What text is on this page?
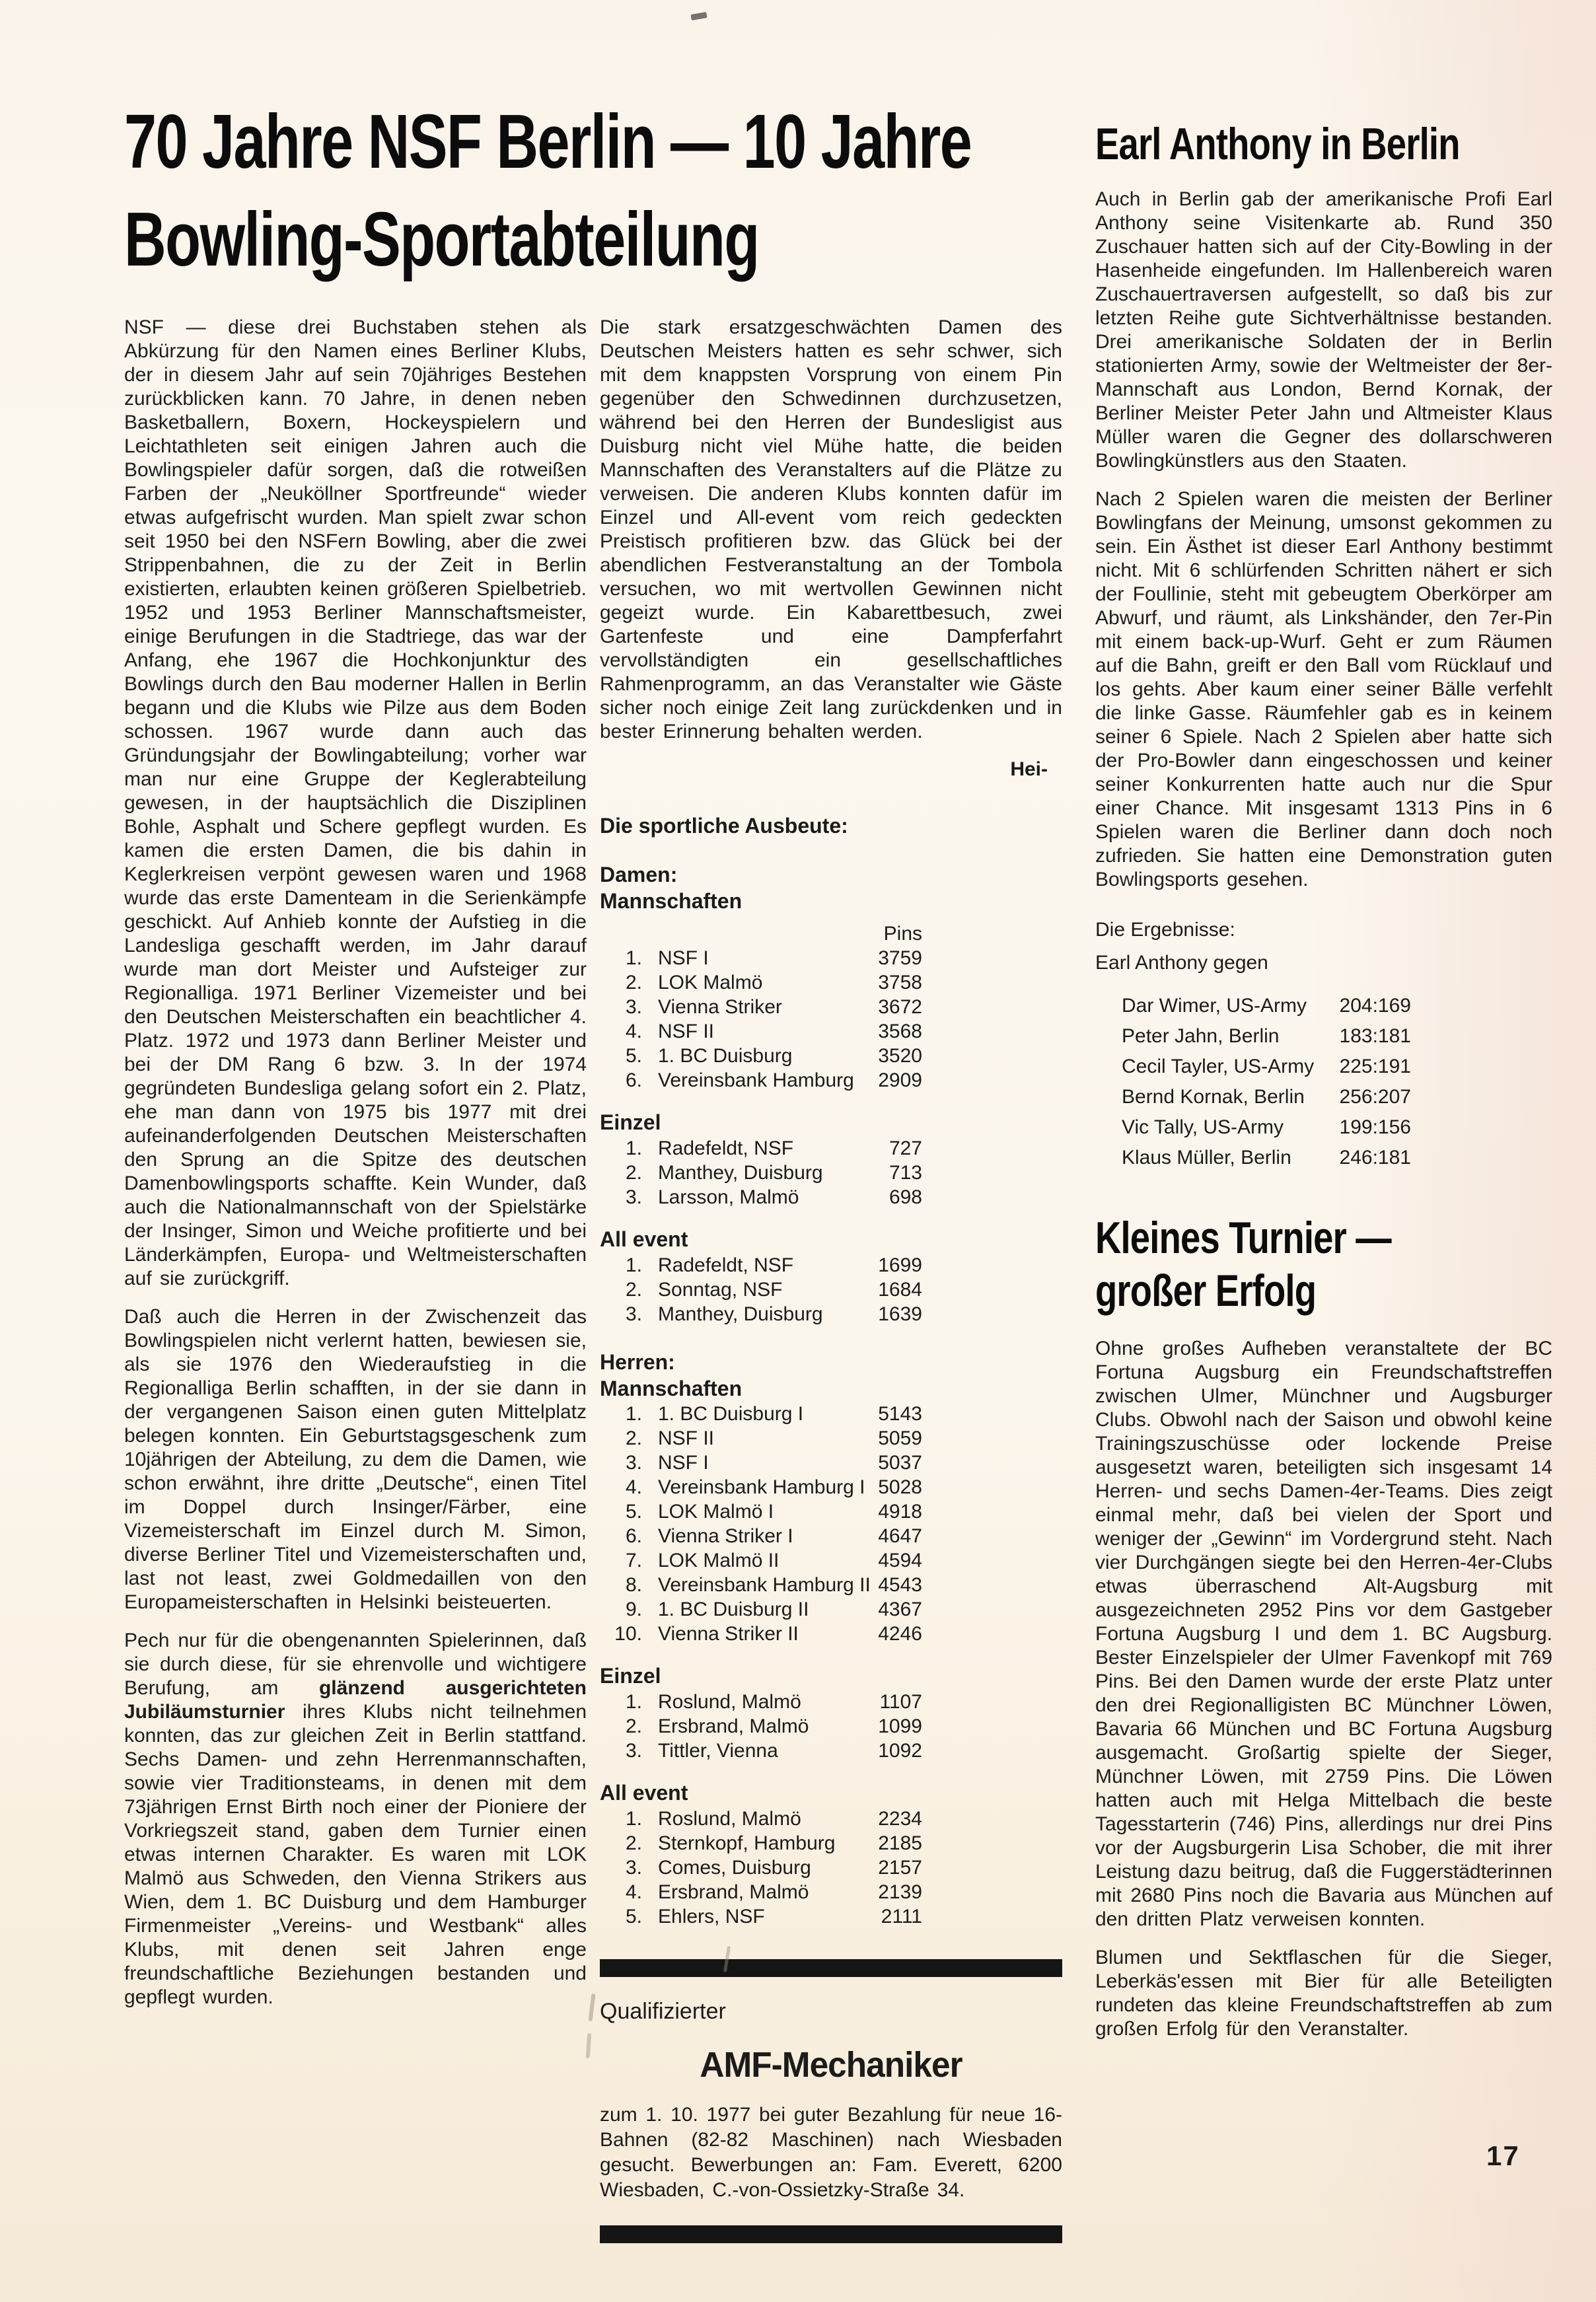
70 Jahre NSF Berlin — 10 Jahre
Bowling-Sportabteilung

NSF — diese drei Buchstaben stehen als Abkürzung für den Namen eines Berliner Klubs, der in diesem Jahr auf sein 70jähriges Bestehen zurückblicken kann. 70 Jahre, in denen neben Basketballern, Boxern, Hockeyspielern und Leichtathleten seit einigen Jahren auch die Bowlingspieler dafür sorgen, daß die rotweißen Farben der „Neuköllner Sportfreunde“ wieder etwas aufgefrischt wurden. Man spielt zwar schon seit 1950 bei den NSFern Bowling, aber die zwei Strippenbahnen, die zu der Zeit in Berlin existierten, erlaubten keinen größeren Spielbetrieb. 1952 und 1953 Berliner Mannschaftsmeister, einige Berufungen in die Stadtriege, das war der Anfang, ehe 1967 die Hochkonjunktur des Bowlings durch den Bau moderner Hallen in Berlin begann und die Klubs wie Pilze aus dem Boden schossen. 1967 wurde dann auch das Gründungsjahr der Bowlingabteilung; vorher war man nur eine Gruppe der Keglerabteilung gewesen, in der hauptsächlich die Disziplinen Bohle, Asphalt und Schere gepflegt wurden. Es kamen die ersten Damen, die bis dahin in Keglerkreisen verpönt gewesen waren und 1968 wurde das erste Damenteam in die Serienkämpfe geschickt. Auf Anhieb konnte der Aufstieg in die Landesliga geschafft werden, im Jahr darauf wurde man dort Meister und Aufsteiger zur Regionalliga. 1971 Berliner Vizemeister und bei den Deutschen Meisterschaften ein beachtlicher 4. Platz. 1972 und 1973 dann Berliner Meister und bei der DM Rang 6 bzw. 3. In der 1974 gegründeten Bundesliga gelang sofort ein 2. Platz, ehe man dann von 1975 bis 1977 mit drei aufeinanderfolgenden Deutschen Meisterschaften den Sprung an die Spitze des deutschen Damenbowlingsports schaffte. Kein Wunder, daß auch die Nationalmannschaft von der Spielstärke der Insinger, Simon und Weiche profitierte und bei Länderkämpfen, Europa- und Weltmeisterschaften auf sie zurückgriff.

Daß auch die Herren in der Zwischenzeit das Bowlingspielen nicht verlernt hatten, bewiesen sie, als sie 1976 den Wiederaufstieg in die Regionalliga Berlin schafften, in der sie dann in der vergangenen Saison einen guten Mittelplatz belegen konnten. Ein Geburtstagsgeschenk zum 10jährigen der Abteilung, zu dem die Damen, wie schon erwähnt, ihre dritte „Deutsche“, einen Titel im Doppel durch Insinger/Färber, eine Vizemeisterschaft im Einzel durch M. Simon, diverse Berliner Titel und Vizemeisterschaften und, last not least, zwei Goldmedaillen von den Europameisterschaften in Helsinki beisteuerten.

Pech nur für die obengenannten Spielerinnen, daß sie durch diese, für sie ehrenvolle und wichtigere Berufung, am glänzend ausgerichteten Jubiläumsturnier ihres Klubs nicht teilnehmen konnten, das zur gleichen Zeit in Berlin stattfand. Sechs Damen- und zehn Herrenmannschaften, sowie vier Traditionsteams, in denen mit dem 73jährigen Ernst Birth noch einer der Pioniere der Vorkriegszeit stand, gaben dem Turnier einen etwas internen Charakter. Es waren mit LOK Malmö aus Schweden, den Vienna Strikers aus Wien, dem 1. BC Duisburg und dem Hamburger Firmenmeister „Vereins- und Westbank“ alles Klubs, mit denen seit Jahren enge freundschaftliche Beziehungen bestanden und gepflegt wurden.

Die stark ersatzgeschwächten Damen des Deutschen Meisters hatten es sehr schwer, sich mit dem knappsten Vorsprung von einem Pin gegenüber den Schwedinnen durchzusetzen, während bei den Herren der Bundesligist aus Duisburg nicht viel Mühe hatte, die beiden Mannschaften des Veranstalters auf die Plätze zu verweisen. Die anderen Klubs konnten dafür im Einzel und All-event vom reich gedeckten Preistisch profitieren bzw. das Glück bei der abendlichen Festveranstaltung an der Tombola versuchen, wo mit wertvollen Gewinnen nicht gegeizt wurde. Ein Kabarettbesuch, zwei Gartenfeste und eine Dampferfahrt vervollständigten ein gesellschaftliches Rahmenprogramm, an das Veranstalter wie Gäste sicher noch einige Zeit lang zurückdenken und in bester Erinnerung behalten werden.

Hei-

Die sportliche Ausbeute:
Damen:
Mannschaften
Pins
1. NSF I	3759
2. LOK Malmö	3758
3. Vienna Striker	3672
4. NSF II	3568
5. 1. BC Duisburg	3520
6. Vereinsbank Hamburg 2909
Einzel
1. Radefeldt, NSF	727
2. Manthey, Duisburg	713
3. Larsson, Malmö	698
All event
1. Radefeldt, NSF	1699
2. Sonntag, NSF	1684
3. Manthey, Duisburg	1639
Herren:
Mannschaften
1. 1. BC Duisburg I	5143
2. NSF II	5059
3. NSF I	5037
4. Vereinsbank Hamburg I 5028
5. LOK Malmö I	4918
6. Vienna Striker I	4647
7. LOK Malmö II	4594
8. Vereinsbank Hamburg II 4543
9. 1. BC Duisburg II	4367
10. Vienna Striker II	4246
Einzel
1. Roslund, Malmö	1107
2. Ersbrand, Malmö	1099
3. Tittler, Vienna	1092
All event
1. Roslund, Malmö	2234
2. Sternkopf, Hamburg 2185
3. Comes, Duisburg	2157
4. Ersbrand, Malmö	2139
5. Ehlers, NSF	2111
Qualifizierter
AMF-Mechaniker

zum 1. 10. 1977 bei guter Bezahlung für neue 16-Bahnen (82-82 Maschinen) nach Wiesbaden gesucht. Bewerbungen an: Fam. Everett, 6200 Wiesbaden, C.-von-Ossietzky-Straße 34.

Earl Anthony in Berlin

Auch in Berlin gab der amerikanische Profi Earl Anthony seine Visitenkarte ab. Rund 350 Zuschauer hatten sich auf der City-Bowling in der Hasenheide eingefunden. Im Hallenbereich waren Zuschauertraversen aufgestellt, so daß bis zur letzten Reihe gute Sichtverhältnisse bestanden. Drei amerikanische Soldaten der in Berlin stationierten Army, sowie der Weltmeister der 8er-Mannschaft aus London, Bernd Kornak, der Berliner Meister Peter Jahn und Altmeister Klaus Müller waren die Gegner des dollarschweren Bowlingkünstlers aus den Staaten.

Nach 2 Spielen waren die meisten der Berliner Bowlingfans der Meinung, umsonst gekommen zu sein. Ein Ästhet ist dieser Earl Anthony bestimmt nicht. Mit 6 schlürfenden Schritten nähert er sich der Foullinie, steht mit gebeugtem Oberkörper am Abwurf, und räumt, als Linkshänder, den 7er-Pin mit einem back-up-Wurf. Geht er zum Räumen auf die Bahn, greift er den Ball vom Rücklauf und los gehts. Aber kaum einer seiner Bälle verfehlt die linke Gasse. Räumfehler gab es in keinem seiner 6 Spiele. Nach 2 Spielen aber hatte sich der Pro-Bowler dann eingeschossen und keiner seiner Konkurrenten hatte auch nur die Spur einer Chance. Mit insgesamt 1313 Pins in 6 Spielen waren die Berliner dann doch noch zufrieden. Sie hatten eine Demonstration guten Bowlingsports gesehen.

Die Ergebnisse:

Earl Anthony gegen

Dar Wimer, US-Army 204:169
Peter Jahn, Berlin	183:181
Cecil Tayler, US-Army 225:191
Bernd Kornak, Berlin 256:207
Vic Tally, US-Army	199:156
Klaus Müller, Berlin 246:181
Kleines Turnier —
großer Erfolg

Ohne großes Aufheben veranstaltete der BC Fortuna Augsburg ein Freundschaftstreffen zwischen Ulmer, Münchner und Augsburger Clubs. Obwohl nach der Saison und obwohl keine Trainingszuschüsse oder lockende Preise ausgesetzt waren, beteiligten sich insgesamt 14 Herren- und sechs Damen-4er-Teams. Dies zeigt einmal mehr, daß bei vielen der Sport und weniger der „Gewinn“ im Vordergrund steht. Nach vier Durchgängen siegte bei den Herren-4er-Clubs etwas überraschend Alt-Augsburg mit ausgezeichneten 2952 Pins vor dem Gastgeber Fortuna Augsburg I und dem 1. BC Augsburg. Bester Einzelspieler der Ulmer Favenkopf mit 769 Pins. Bei den Damen wurde der erste Platz unter den drei Regionalligisten BC Münchner Löwen, Bavaria 66 München und BC Fortuna Augsburg ausgemacht. Großartig spielte der Sieger, Münchner Löwen, mit 2759 Pins. Die Löwen hatten auch mit Helga Mittelbach die beste Tagesstarterin (746) Pins, allerdings nur drei Pins vor der Augsburgerin Lisa Schober, die mit ihrer Leistung dazu beitrug, daß die Fuggerstädterinnen mit 2680 Pins noch die Bavaria aus München auf den dritten Platz verweisen konnten.

Blumen und Sektflaschen für die Sieger, Leberkäs'essen mit Bier für alle Beteiligten rundeten das kleine Freundschaftstreffen ab zum großen Erfolg für den Veranstalter.

17
